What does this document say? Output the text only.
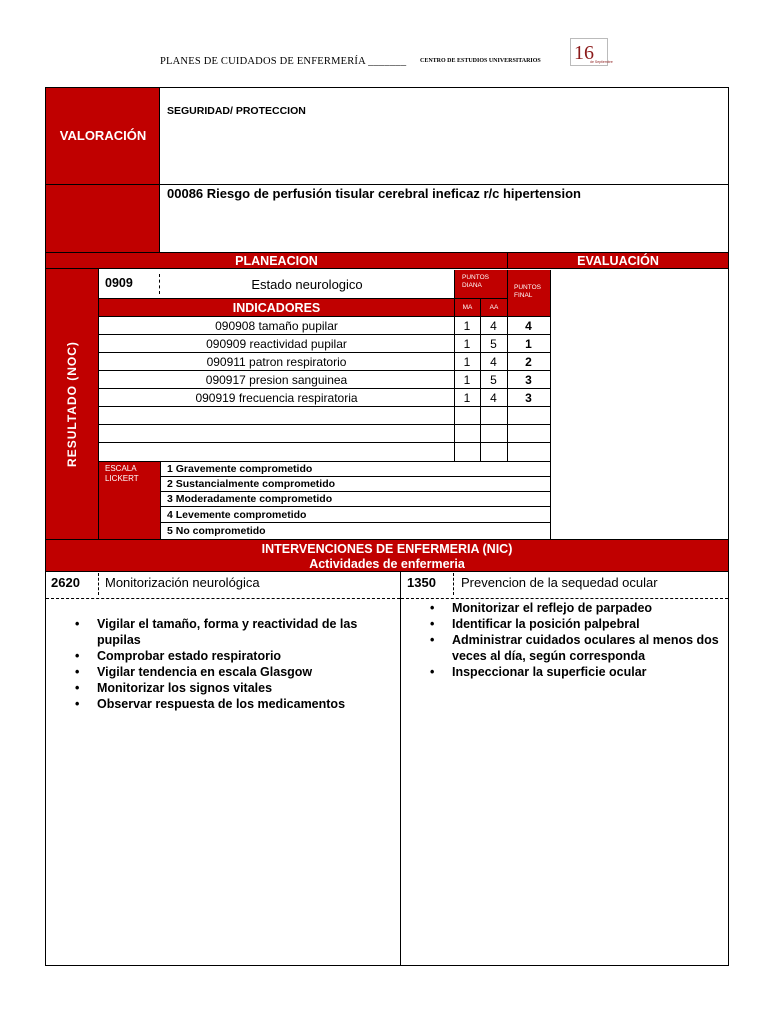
PLANES DE CUIDADOS DE ENFERMERÍA _______ CENTRO DE ESTUDIOS UNIVERSITARIOS 16
de Septiembre
VALORACIÓN
SEGURIDAD/ PROTECCION
00086 Riesgo de perfusión tisular cerebral ineficaz r/c hipertension
PLANEACION	EVALUACIÓN
RESULTADO (NOC)
0909	Estado neurologico	PUNTOS DIANA	PUNTOS FINAL
INDICADORES	MA	AA
090908 tamaño pupilar	1	4	4
090909 reactividad pupilar	1	5	1
090911 patron respiratorio	1	4	2
090917 presion sanguinea	1	5	3
090919 frecuencia respiratoria	1	4	3
ESCALA LICKERT
1 Gravemente comprometido
2 Sustancialmente comprometido
3 Moderadamente comprometido
4 Levemente comprometido
5 No comprometido
INTERVENCIONES DE ENFERMERIA (NIC)
Actividades de enfermeria
2620 Monitorización neurológica
• Vigilar el tamaño, forma y reactividad de las pupilas
• Comprobar estado respiratorio
• Vigilar tendencia en escala Glasgow
• Monitorizar los signos vitales
• Observar respuesta de los medicamentos
1350 Prevencion de la sequedad ocular
• Monitorizar el reflejo de parpadeo
• Identificar la posición palpebral
• Administrar cuidados oculares al menos dos veces al día, según corresponda
• Inspeccionar la superficie ocular
